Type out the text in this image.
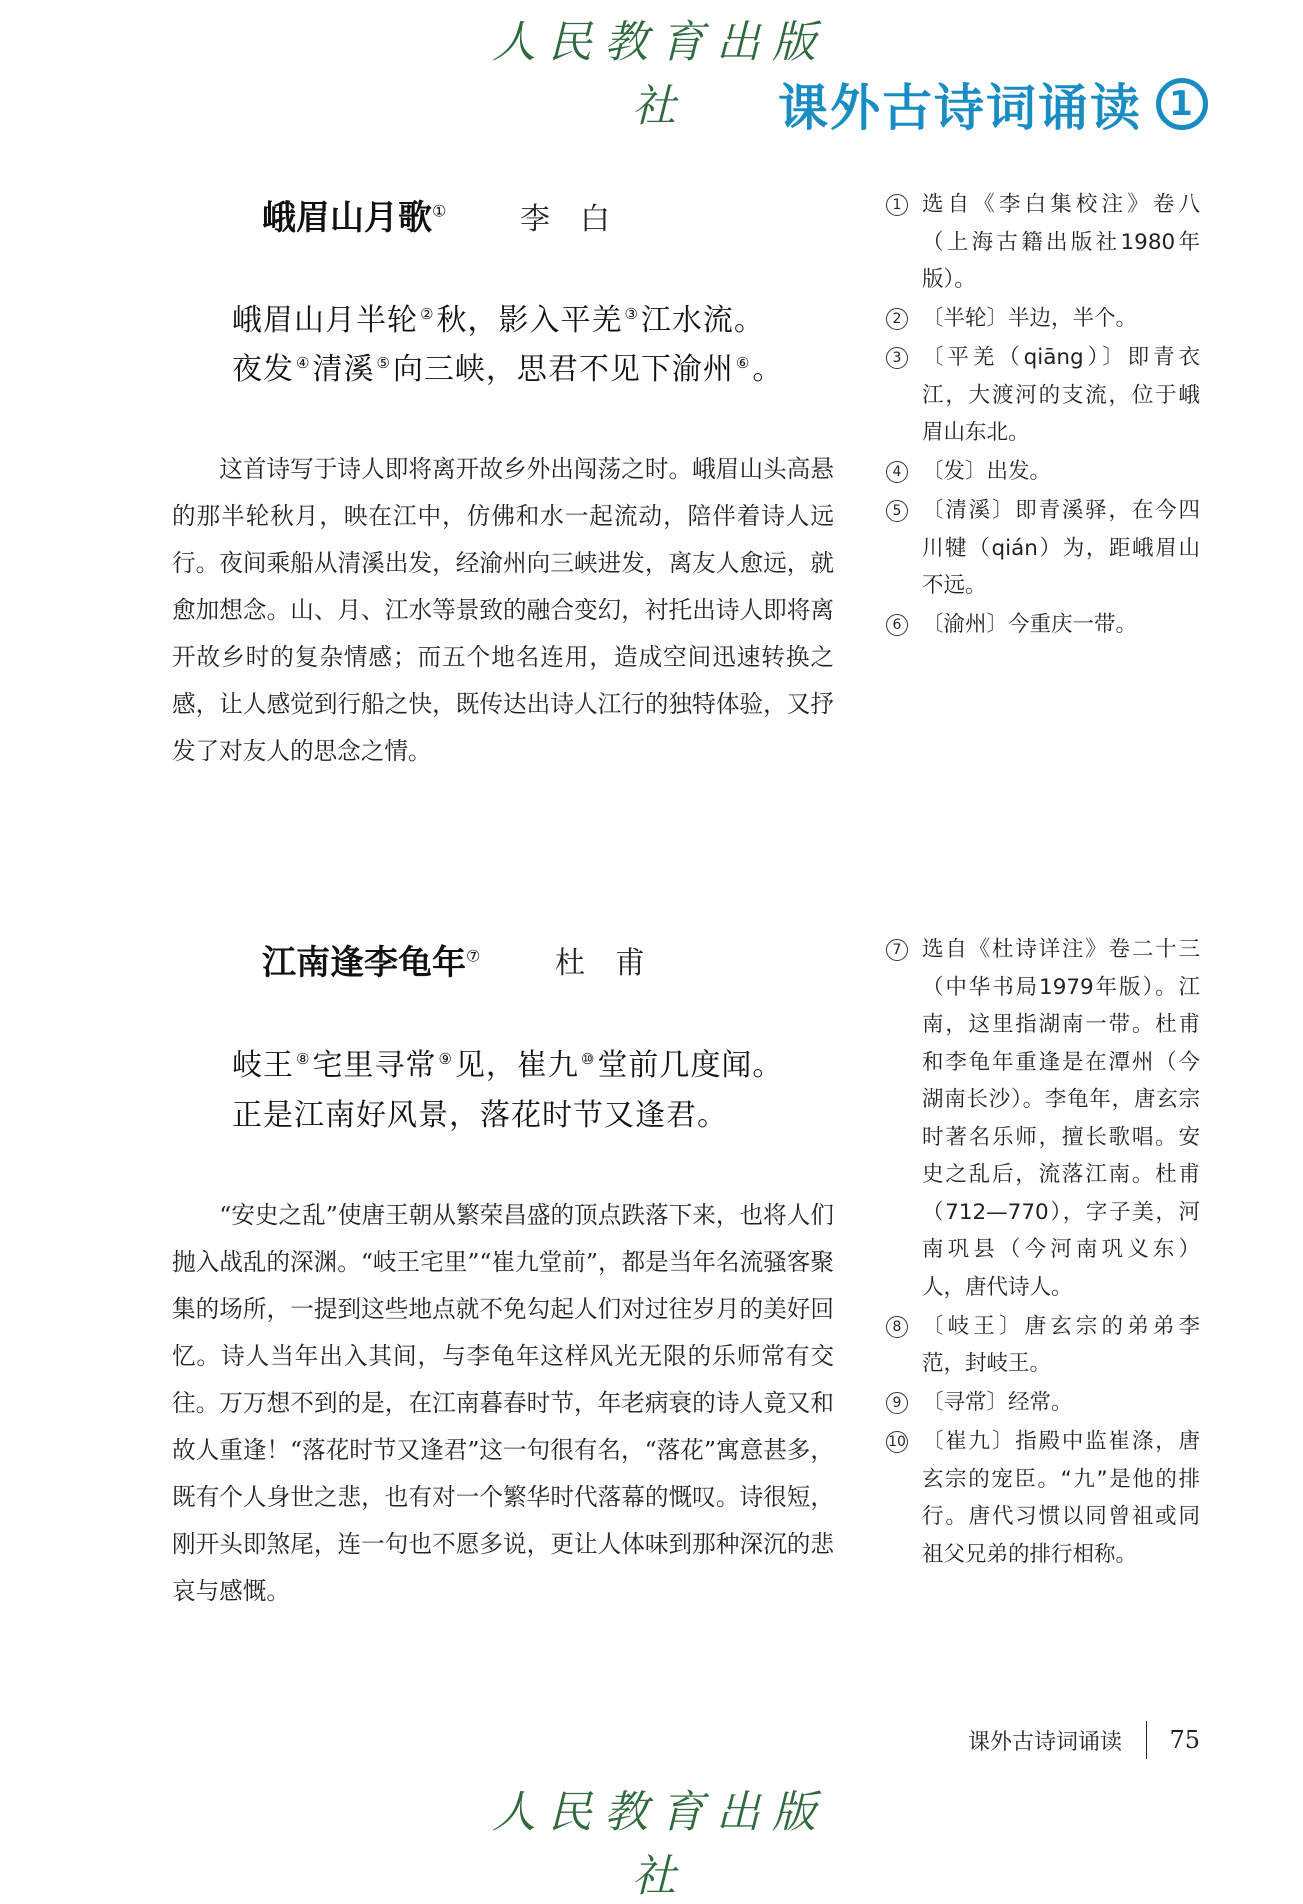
人民教育出版社	课外古诗词诵读 1
峨眉山月歌① 李白
峨眉山月半轮 ②秋，影入平羌 ③江水流。
夜发 ④清溪 ⑤向三峡，思君不见下渝州 ⑥。

这首诗写于诗人即将离开故乡外出闯荡之时。峨眉山头高悬的那半轮秋月，映在江中，仿佛和水一起流动，陪伴着诗人远行。夜间乘船从清溪出发，经渝州向三峡进发，离友人愈远，就愈加想念。山、月、江水等景致的融合变幻，衬托出诗人即将离开故乡时的复杂情感；而五个地名连用，造成空间迅速转换之感，让人感觉到行船之快，既传达出诗人江行的独特体验，又抒发了对友人的思念之情。

1 选自《李白集校注》卷八（上海古籍出版社1980年版）。
2 〔半轮〕半边，半个。
3 〔平羌（qiāng）〕即青衣江，大渡河的支流，位于峨眉山东北。
4 〔发〕出发。
5 〔清溪〕即青溪驿，在今四川犍（qián）为，距峨眉山不远。
6 〔渝州〕今重庆一带。
江南逢李龟年⑦ 杜甫
岐王 ⑧宅里寻常 ⑨见，崔九 ⑩堂前几度闻。
正是江南好风景，落花时节又逢君。

“安史之乱”使唐王朝从繁荣昌盛的顶点跌落下来，也将人们抛入战乱的深渊。“岐王宅里”“崔九堂前”，都是当年名流骚客聚集的场所，一提到这些地点就不免勾起人们对过往岁月的美好回忆。诗人当年出入其间，与李龟年这样风光无限的乐师常有交往。万万想不到的是，在江南暮春时节，年老病衰的诗人竟又和故人重逢！“落花时节又逢君”这一句很有名，“落花”寓意甚多，既有个人身世之悲，也有对一个繁华时代落幕的慨叹。诗很短，刚开头即煞尾，连一句也不愿多说，更让人体味到那种深沉的悲哀与感慨。

7 选自《杜诗详注》卷二十三（中华书局1979年版）。江南，这里指湖南一带。杜甫和李龟年重逢是在潭州（今湖南长沙）。李龟年，唐玄宗时著名乐师，擅长歌唱。安史之乱后，流落江南。杜甫（712—770），字子美，河南巩县（今河南巩义东）人，唐代诗人。
8 〔岐王〕唐玄宗的弟弟李范，封岐王。
9 〔寻常〕经常。
10 〔崔九〕指殿中监崔涤，唐玄宗的宠臣。“九”是他的排行。唐代习惯以同曾祖或同祖父兄弟的排行相称。
课外古诗词诵读 75
人民教育出版社
